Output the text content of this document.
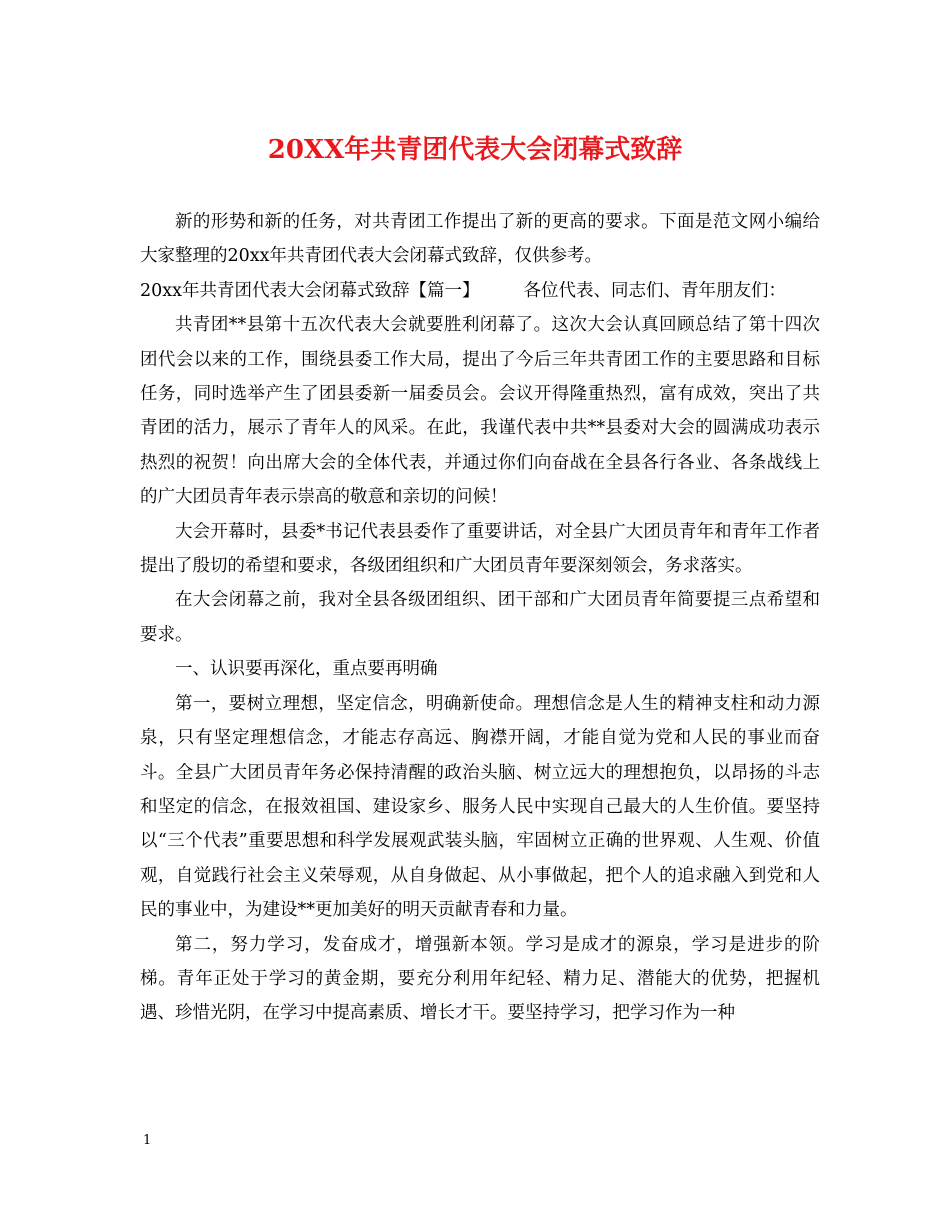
20XX年共青团代表大会闭幕式致辞

新的形势和新的任务，对共青团工作提出了新的更高的要求。下面是范文网小编给大家整理的20xx年共青团代表大会闭幕式致辞，仅供参考。

20xx年共青团代表大会闭幕式致辞【篇一】	各位代表、同志们、青年朋友们：

共青团**县第十五次代表大会就要胜利闭幕了。这次大会认真回顾总结了第十四次团代会以来的工作，围绕县委工作大局，提出了今后三年共青团工作的主要思路和目标任务，同时选举产生了团县委新一届委员会。会议开得隆重热烈，富有成效，突出了共青团的活力，展示了青年人的风采。在此，我谨代表中共**县委对大会的圆满成功表示热烈的祝贺！向出席大会的全体代表，并通过你们向奋战在全县各行各业、各条战线上的广大团员青年表示崇高的敬意和亲切的问候！

大会开幕时，县委*书记代表县委作了重要讲话，对全县广大团员青年和青年工作者提出了殷切的希望和要求，各级团组织和广大团员青年要深刻领会，务求落实。

在大会闭幕之前，我对全县各级团组织、团干部和广大团员青年简要提三点希望和要求。

一、认识要再深化，重点要再明确

第一，要树立理想，坚定信念，明确新使命。理想信念是人生的精神支柱和动力源泉，只有坚定理想信念，才能志存高远、胸襟开阔，才能自觉为党和人民的事业而奋斗。全县广大团员青年务必保持清醒的政治头脑、树立远大的理想抱负，以昂扬的斗志和坚定的信念，在报效祖国、建设家乡、服务人民中实现自己最大的人生价值。要坚持以“三个代表”重要思想和科学发展观武装头脑，牢固树立正确的世界观、人生观、价值观，自觉践行社会主义荣辱观，从自身做起、从小事做起，把个人的追求融入到党和人民的事业中，为建设**更加美好的明天贡献青春和力量。

第二，努力学习，发奋成才，增强新本领。学习是成才的源泉，学习是进步的阶梯。青年正处于学习的黄金期，要充分利用年纪轻、精力足、潜能大的优势，把握机遇、珍惜光阴，在学习中提高素质、增长才干。要坚持学习，把学习作为一种

1
